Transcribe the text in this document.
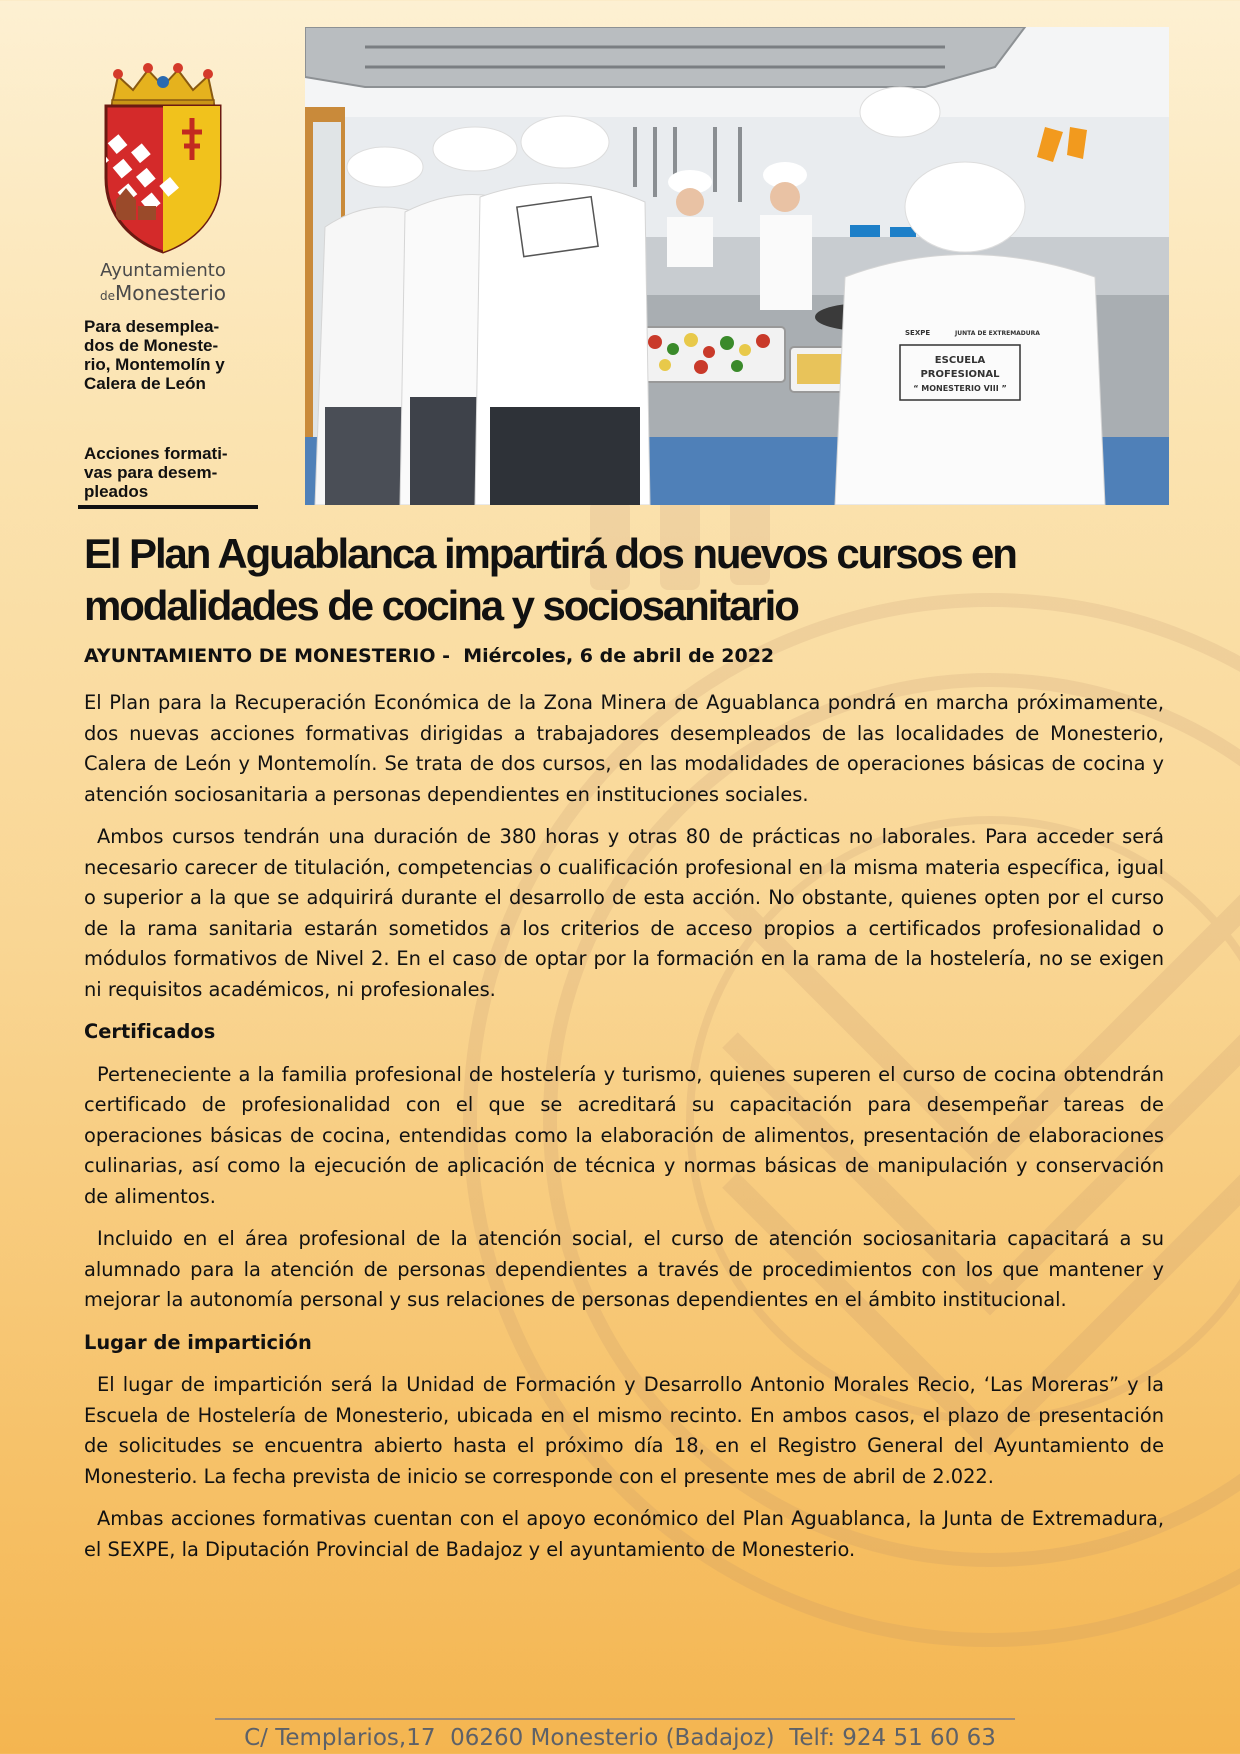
Ayuntamiento
deMonesterio
Para desemplea-
dos de Moneste-
rio, Montemolín y
Calera de León
Acciones formati-
vas para desem-
pleados
ESCUELA
PROFESIONAL
“ MONESTERIO VIII ”
SEXPE	JUNTA DE EXTREMADURA
El Plan Aguablanca impartirá dos nuevos cursos en modalidades de cocina y sociosanitario
AYUNTAMIENTO DE MONESTERIO -  Miércoles, 6 de abril de 2022

El Plan para la Recuperación Económica de la Zona Minera de Aguablanca pondrá en marcha próximamente, dos nuevas acciones formativas dirigidas a trabajadores desempleados de las localidades de Monesterio, Calera de León y Montemolín. Se trata de dos cursos, en las modalidades de operaciones básicas de cocina y atención sociosanitaria a personas dependientes en instituciones sociales.

Ambos cursos tendrán una duración de 380 horas y otras 80 de prácticas no laborales. Para acceder será necesario carecer de titulación, competencias o cualificación profesional en la misma materia específica, igual o superior a la que se adquirirá durante el desarrollo de esta acción. No obstante, quienes opten por el curso de la rama sanitaria estarán sometidos a los criterios de acceso propios a certificados profesionalidad o módulos formativos de Nivel 2. En el caso de optar por la formación en la rama de la hostelería, no se exigen ni requisitos académicos, ni profesionales.

Certificados

Perteneciente a la familia profesional de hostelería y turismo, quienes superen el curso de cocina obtendrán certificado de profesionalidad con el que se acreditará su capacitación para desempeñar tareas de operaciones básicas de cocina, entendidas como la elaboración de alimentos, presentación de elaboraciones culinarias, así como la ejecución de aplicación de técnica y normas básicas de manipulación y conservación de alimentos.

Incluido en el área profesional de la atención social, el curso de atención sociosanitaria capacitará a su alumnado para la atención de personas dependientes a través de procedimientos con los que mantener y mejorar la autonomía personal y sus relaciones de personas dependientes en el ámbito institucional.

Lugar de impartición

El lugar de impartición será la Unidad de Formación y Desarrollo Antonio Morales Recio, ‘Las Moreras” y la Escuela de Hostelería de Monesterio, ubicada en el mismo recinto. En ambos casos, el plazo de presentación de solicitudes se encuentra abierto hasta el próximo día 18, en el Registro General del Ayuntamiento de Monesterio. La fecha prevista de inicio se corresponde con el presente mes de abril de 2.022.

Ambas acciones formativas cuentan con el apoyo económico del Plan Aguablanca, la Junta de Extremadura, el SEXPE, la Diputación Provincial de Badajoz y el ayuntamiento de Monesterio.

C/ Templarios,17  06260 Monesterio (Badajoz)  Telf: 924 51 60 63
